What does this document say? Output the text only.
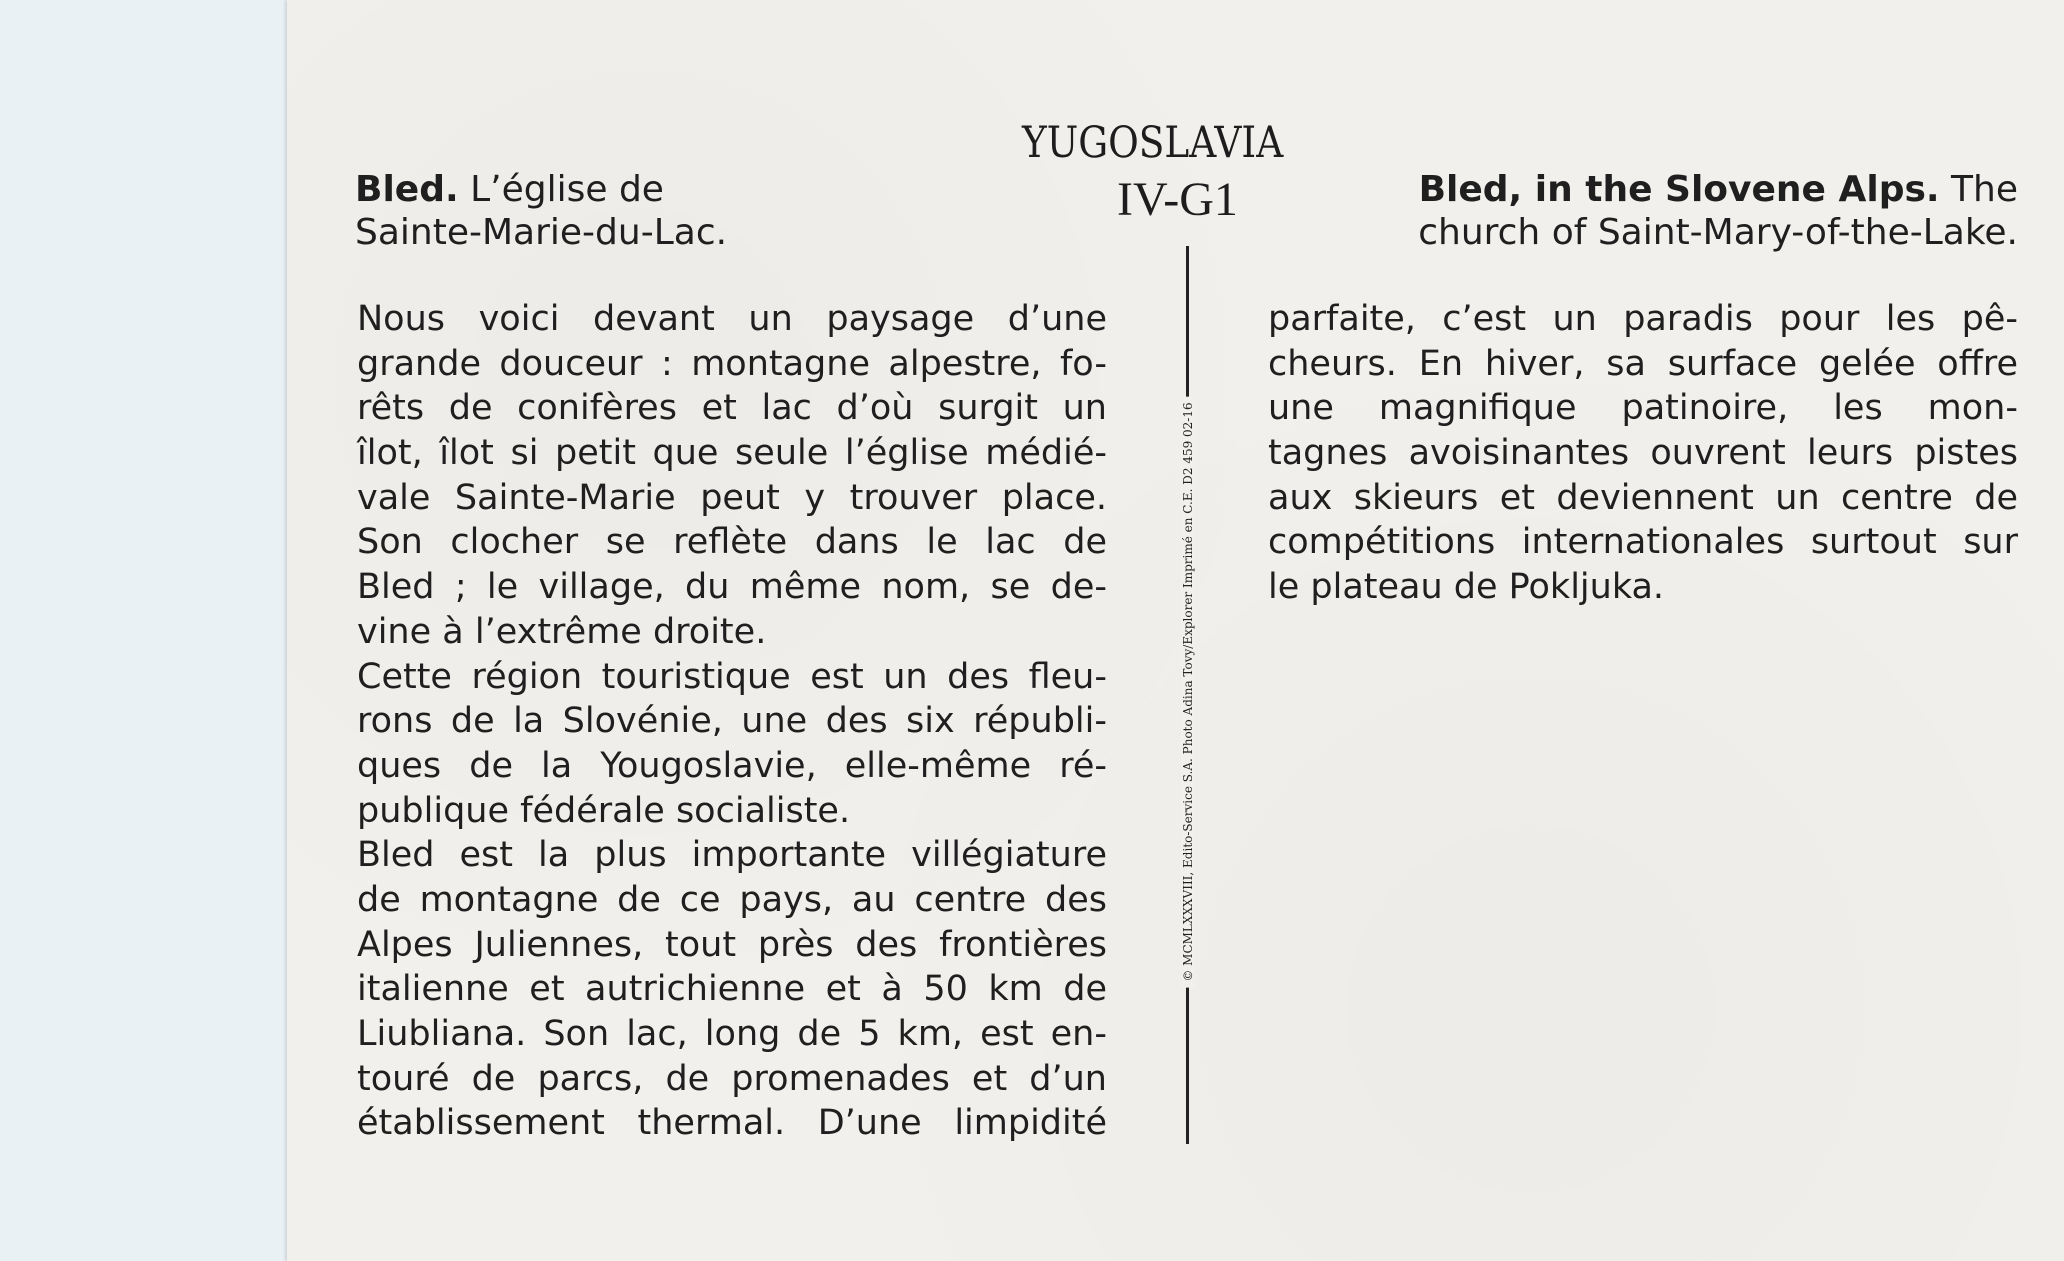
YUGOSLAVIA
IV-G1
Bled. L’église de
Sainte-Marie-du-Lac.
Bled, in the Slovene Alps. The
church of Saint-Mary-of-the-Lake.
Nous voici devant un paysage d’une
grande douceur : montagne alpestre, fo-
rêts de conifères et lac d’où surgit un
îlot, îlot si petit que seule l’église médié-
vale Sainte-Marie peut y trouver place.
Son clocher se reflète dans le lac de
Bled ; le village, du même nom, se de-
vine à l’extrême droite.
Cette région touristique est un des fleu-
rons de la Slovénie, une des six républi-
ques de la Yougoslavie, elle-même ré-
publique fédérale socialiste.
Bled est la plus importante villégiature
de montagne de ce pays, au centre des
Alpes Juliennes, tout près des frontières
italienne et autrichienne et à 50 km de
Liubliana. Son lac, long de 5 km, est en-
touré de parcs, de promenades et d’un
établissement thermal. D’une limpidité
© MCMLXXXVIII, Edito-Service S.A. Photo Adina Tovy/Explorer Imprimé en C.E. D2 459 02-16
parfaite, c’est un paradis pour les pê-
cheurs. En hiver, sa surface gelée offre
une magnifique patinoire, les mon-
tagnes avoisinantes ouvrent leurs pistes
aux skieurs et deviennent un centre de
compétitions internationales surtout sur
le plateau de Pokljuka.
